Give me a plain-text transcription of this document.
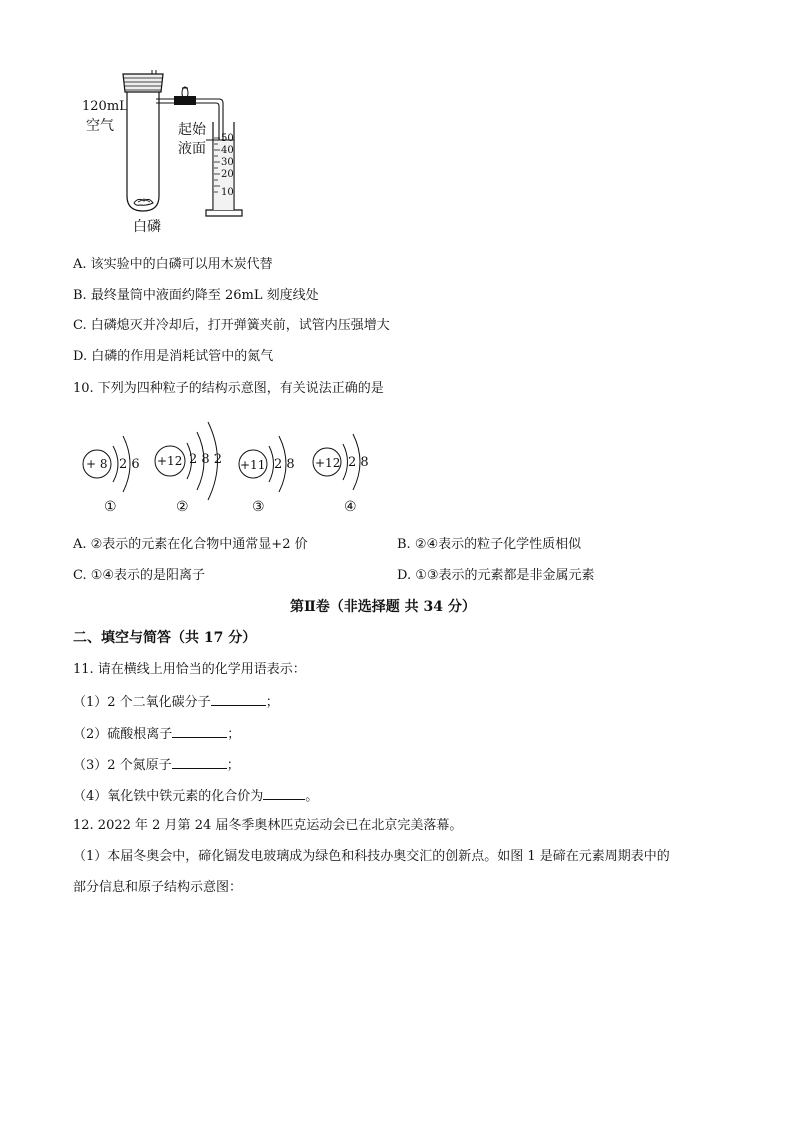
120mL
空气
白磷
起始
液面
50
40
30
20
10
A. 该实验中的白磷可以用木炭代替
B. 最终量筒中液面约降至 26mL 刻度线处
C. 白磷熄灭并冷却后，打开弹簧夹前，试管内压强增大
D. 白磷的作用是消耗试管中的氮气
10. 下列为四种粒子的结构示意图，有关说法正确的是
+ 8 2 6
①
+12 2 8 2
②
+11 2 8
③
+12 2 8
④
A. ②表示的元素在化合物中通常显+2 价	B. ②④表示的粒子化学性质相似
C. ①④表示的是阳离子	D. ①③表示的元素都是非金属元素
第Ⅱ卷（非选择题 共 34 分）
二、填空与简答（共 17 分）
11. 请在横线上用恰当的化学用语表示：
（1）2 个二氧化碳分子	；
（2）硫酸根离子	；
（3）2 个氮原子	；
（4）氧化铁中铁元素的化合价为	。
12. 2022 年 2 月第 24 届冬季奥林匹克运动会已在北京完美落幕。
（1）本届冬奥会中，碲化镉发电玻璃成为绿色和科技办奥交汇的创新点。如图 1 是碲在元素周期表中的
部分信息和原子结构示意图：
